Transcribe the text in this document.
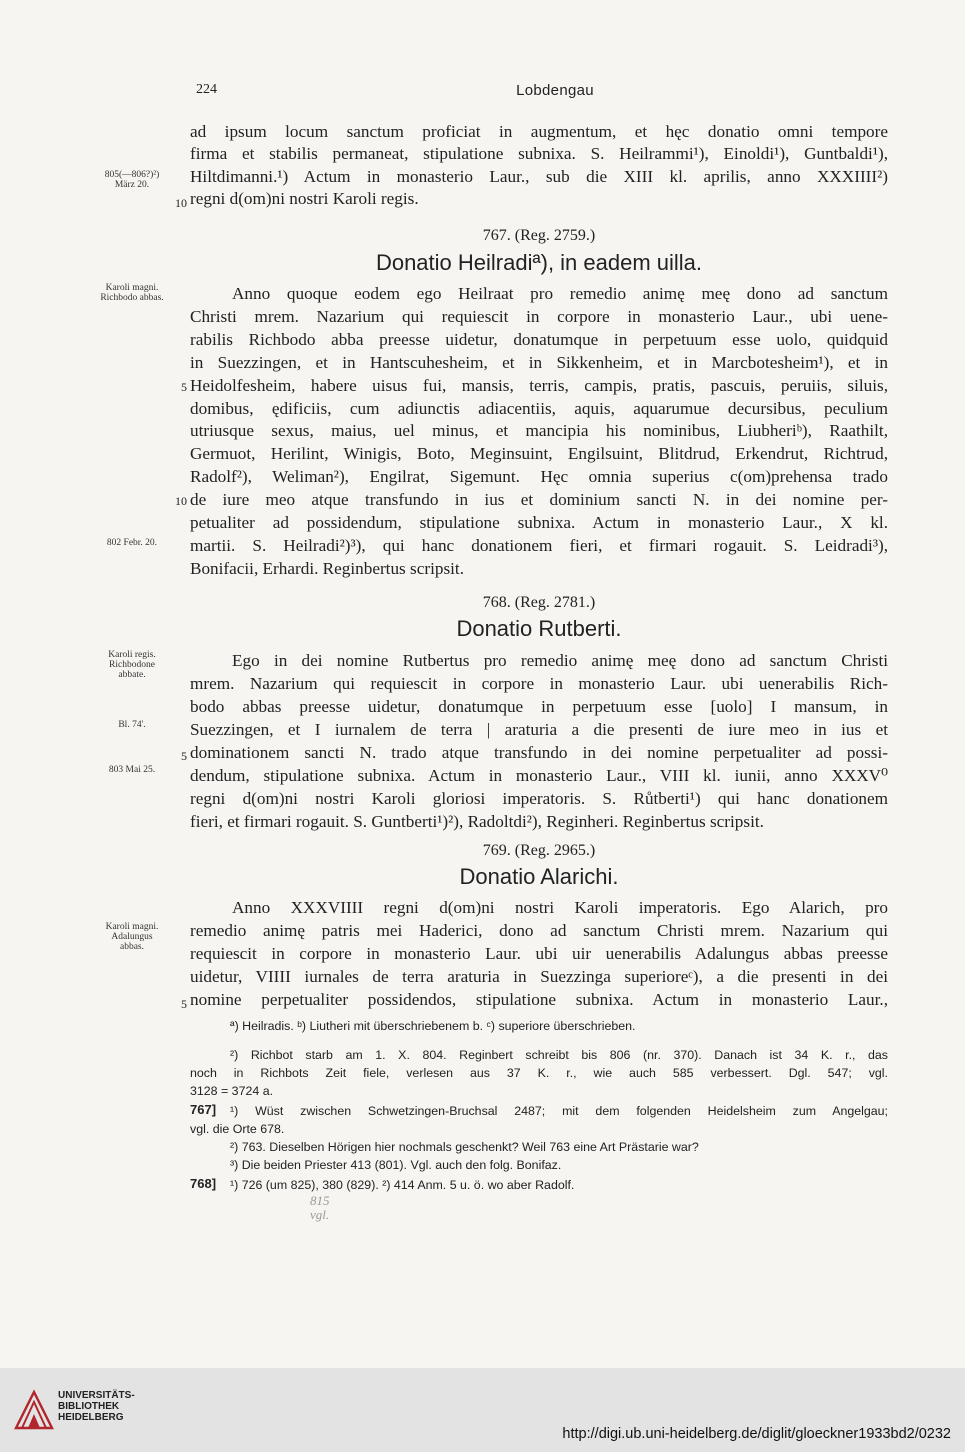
224	Lobdengau
805(—806?)²)
März 20.
Karoli magni.
Richbodo abbas.
802 Febr. 20.
Karoli regis.
Richbodone
abbate.
Bl. 74'.
803 Mai 25.
Karoli magni.
Adalungus
abbas.
10
5
10
5
5
ad ipsum locum sanctum proficiat in augmentum, et hęc donatio omni tempore
firma et stabilis permaneat, stipulatione subnixa. S. Heilrammi¹), Einoldi¹), Guntbaldi¹),
Hiltdimanni.¹) Actum in monasterio Laur., sub die XIII kl. aprilis, anno XXXIIII²)
regni d(om)ni nostri Karoli regis.
767. (Reg. 2759.)
Donatio Heilradiª), in eadem uilla.
Anno quoque eodem ego Heilraat pro remedio animę meę dono ad sanctum
Christi mrem. Nazarium qui requiescit in corpore in monasterio Laur., ubi uene-
rabilis Richbodo abba preesse uidetur, donatumque in perpetuum esse uolo, quidquid
in Suezzingen, et in Hantscuhesheim, et in Sikkenheim, et in Marcbotesheim¹), et in
Heidolfesheim, habere uisus fui, mansis, terris, campis, pratis, pascuis, peruiis, siluis,
domibus, ędificiis, cum adiunctis adiacentiis, aquis, aquarumue decursibus, peculium
utriusque sexus, maius, uel minus, et mancipia his nominibus, Liubheriᵇ), Raathilt,
Germuot, Herilint, Winigis, Boto, Meginsuint, Engilsuint, Blitdrud, Erkendrut, Richtrud,
Radolf²), Weliman²), Engilrat, Sigemunt. Hęc omnia superius c(om)prehensa trado
de iure meo atque transfundo in ius et dominium sancti N. in dei nomine per-
petualiter ad possidendum, stipulatione subnixa. Actum in monasterio Laur., X kl.
martii. S. Heilradi²)³), qui hanc donationem fieri, et firmari rogauit. S. Leidradi³),
Bonifacii, Erhardi. Reginbertus scripsit.
768. (Reg. 2781.)
Donatio Rutberti.
Ego in dei nomine Rutbertus pro remedio animę meę dono ad sanctum Christi
mrem. Nazarium qui requiescit in corpore in monasterio Laur. ubi uenerabilis Rich-
bodo abbas preesse uidetur, donatumque in perpetuum esse [uolo] I mansum, in
Suezzingen, et I iurnalem de terra | araturia a die presenti de iure meo in ius et
dominationem sancti N. trado atque transfundo in dei nomine perpetualiter ad possi-
dendum, stipulatione subnixa. Actum in monasterio Laur., VIII kl. iunii, anno XXXV⁰
regni d(om)ni nostri Karoli gloriosi imperatoris. S. Růtberti¹) qui hanc donationem
fieri, et firmari rogauit. S. Guntberti¹)²), Radoltdi²), Reginheri. Reginbertus scripsit.
769. (Reg. 2965.)
Donatio Alarichi.
Anno XXXVIIII regni d(om)ni nostri Karoli imperatoris. Ego Alarich, pro
remedio animę patris mei Haderici, dono ad sanctum Christi mrem. Nazarium qui
requiescit in corpore in monasterio Laur. ubi uir uenerabilis Adalungus abbas preesse
uidetur, VIIII iurnales de terra araturia in Suezzinga superioreᶜ), a die presenti in dei
nomine perpetualiter possidendos, stipulatione subnixa. Actum in monasterio Laur.,
ª) Heilradis. ᵇ) Liutheri mit überschriebenem b. ᶜ) superiore überschrieben.
²) Richbot starb am 1. X. 804. Reginbert schreibt bis 806 (nr. 370). Danach ist 34 K. r., das
noch in Richbots Zeit fiele, verlesen aus 37 K. r., wie auch 585 verbessert. Dgl. 547; vgl.
3128 = 3724 a.
767] ¹) Wüst zwischen Schwetzingen-Bruchsal 2487; mit dem folgenden Heidelsheim zum Angelgau;
vgl. die Orte 678.
²) 763. Dieselben Hörigen hier nochmals geschenkt? Weil 763 eine Art Prästarie war?
³) Die beiden Priester 413 (801). Vgl. auch den folg. Bonifaz.
768] ¹) 726 (um 825), 380 (829). ²) 414 Anm. 5 u. ö. wo aber Radolf.
815
vgl.
UNIVERSITÄTS-
BIBLIOTHEK
HEIDELBERG
http://digi.ub.uni-heidelberg.de/diglit/gloeckner1933bd2/0232
